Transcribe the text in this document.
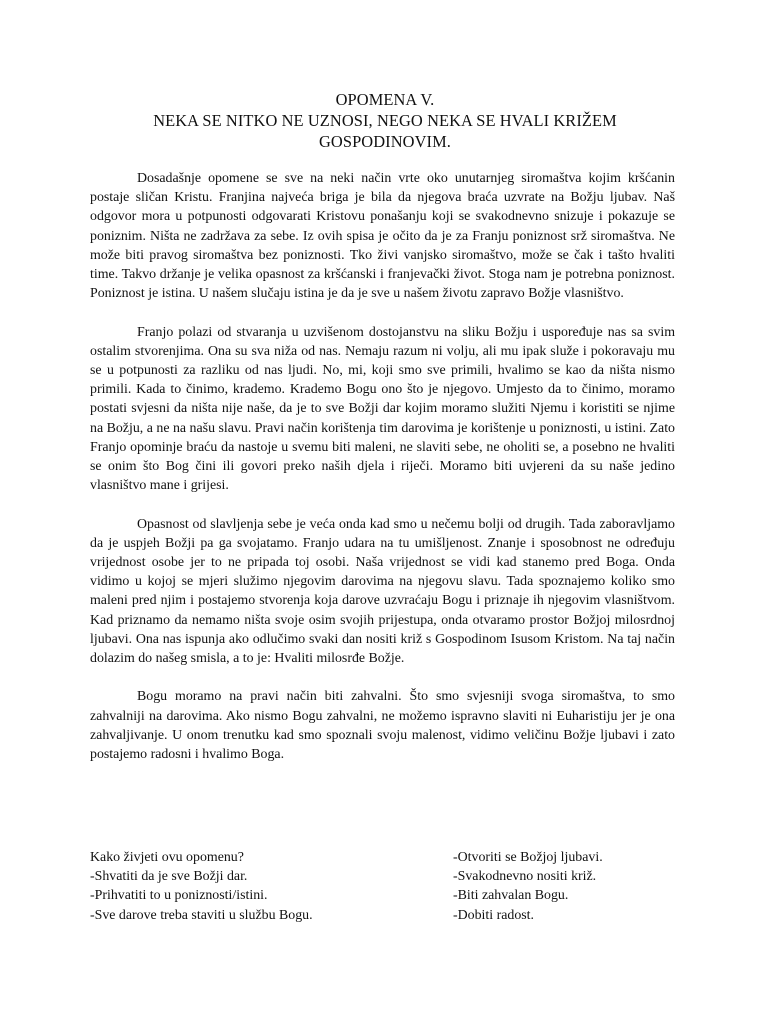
OPOMENA V.
NEKA SE NITKO NE UZNOSI, NEGO NEKA SE HVALI KRIŽEM
GOSPODINOVIM.

Dosadašnje opomene se sve na neki način vrte oko unutarnjeg siromaštva kojim kršćanin postaje sličan Kristu. Franjina najveća briga je bila da njegova braća uzvrate na Božju ljubav. Naš odgovor mora u potpunosti odgovarati Kristovu ponašanju koji se svakodnevno snizuje i pokazuje se poniznim. Ništa ne zadržava za sebe. Iz ovih spisa je očito da je za Franju poniznost srž siromaštva. Ne može biti pravog siromaštva bez poniznosti. Tko živi vanjsko siromaštvo, može se čak i tašto hvaliti time. Takvo držanje je velika opasnost za kršćanski i franjevački život. Stoga nam je potrebna poniznost. Poniznost je istina. U našem slučaju istina je da je sve u našem životu zapravo Božje vlasništvo.

Franjo polazi od stvaranja u uzvišenom dostojanstvu na sliku Božju i uspoređuje nas sa svim ostalim stvorenjima. Ona su sva niža od nas. Nemaju razum ni volju, ali mu ipak služe i pokoravaju mu se u potpunosti za razliku od nas ljudi. No, mi, koji smo sve primili, hvalimo se kao da ništa nismo primili. Kada to činimo, krademo. Krademo Bogu ono što je njegovo. Umjesto da to činimo, moramo postati svjesni da ništa nije naše, da je to sve Božji dar kojim moramo služiti Njemu i koristiti se njime na Božju, a ne na našu slavu. Pravi način korištenja tim darovima je korištenje u poniznosti, u istini. Zato Franjo opominje braću da nastoje u svemu biti maleni, ne slaviti sebe, ne oholiti se, a posebno ne hvaliti se onim što Bog čini ili govori preko naših djela i riječi. Moramo biti uvjereni da su naše jedino vlasništvo mane i grijesi.

Opasnost od slavljenja sebe je veća onda kad smo u nečemu bolji od drugih. Tada zaboravljamo da je uspjeh Božji pa ga svojatamo. Franjo udara na tu umišljenost. Znanje i sposobnost ne određuju vrijednost osobe jer to ne pripada toj osobi. Naša vrijednost se vidi kad stanemo pred Boga. Onda vidimo u kojoj se mjeri služimo njegovim darovima na njegovu slavu. Tada spoznajemo koliko smo maleni pred njim i postajemo stvorenja koja darove uzvraćaju Bogu i priznaje ih njegovim vlasništvom. Kad priznamo da nemamo ništa svoje osim svojih prijestupa, onda otvaramo prostor Božjoj milosrdnoj ljubavi. Ona nas ispunja ako odlučimo svaki dan nositi križ s Gospodinom Isusom Kristom. Na taj način dolazim do našeg smisla, a to je: Hvaliti milosrđe Božje.

Bogu moramo na pravi način biti zahvalni. Što smo svjesniji svoga siromaštva, to smo zahvalniji na darovima. Ako nismo Bogu zahvalni, ne možemo ispravno slaviti ni Euharistiju jer je ona zahvaljivanje. U onom trenutku kad smo spoznali svoju malenost, vidimo veličinu Božje ljubavi i zato postajemo radosni i hvalimo Boga.

Kako živjeti ovu opomenu?
-Shvatiti da je sve Božji dar.
-Prihvatiti to u poniznosti/istini.
-Sve darove treba staviti u službu Bogu.
-Otvoriti se Božjoj ljubavi.
-Svakodnevno nositi križ.
-Biti zahvalan Bogu.
-Dobiti radost.
